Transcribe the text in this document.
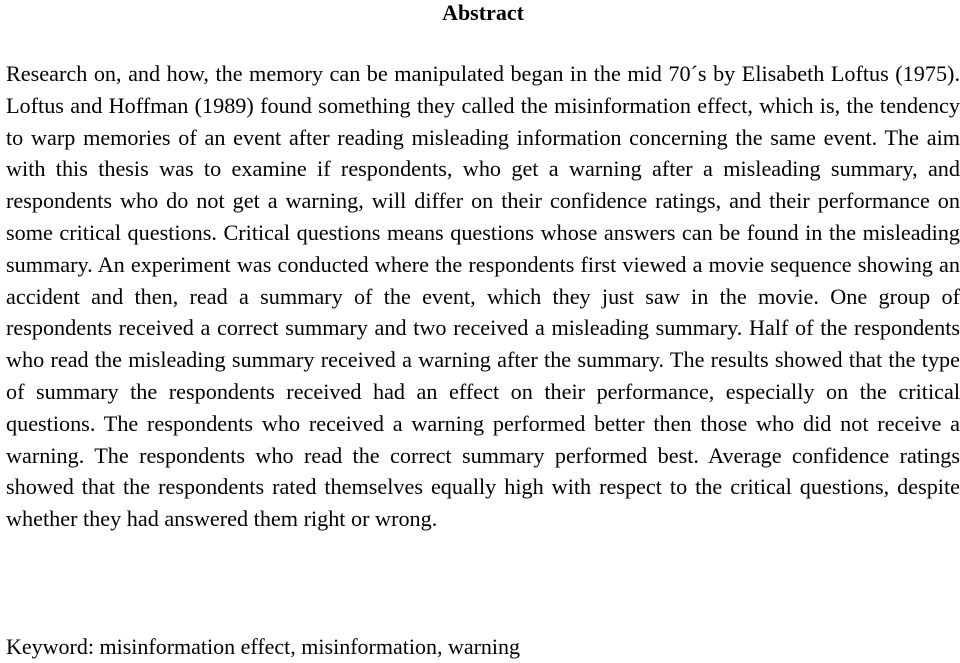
Abstract

Research on, and how, the memory can be manipulated began in the mid 70´s by Elisabeth Loftus (1975). Loftus and Hoffman (1989) found something they called the misinformation effect, which is, the tendency to warp memories of an event after reading misleading information concerning the same event. The aim with this thesis was to examine if respondents, who get a warning after a misleading summary, and respondents who do not get a warning, will differ on their confidence ratings, and their performance on some critical questions. Critical questions means questions whose answers can be found in the misleading summary. An experiment was conducted where the respondents first viewed a movie sequence showing an accident and then, read a summary of the event, which they just saw in the movie. One group of respondents received a correct summary and two received a misleading summary. Half of the respondents who read the misleading summary received a warning after the summary. The results showed that the type of summary the respondents received had an effect on their performance, especially on the critical questions. The respondents who received a warning performed better then those who did not receive a warning. The respondents who read the correct summary performed best. Average confidence ratings showed that the respondents rated themselves equally high with respect to the critical questions, despite whether they had answered them right or wrong.

Keyword: misinformation effect, misinformation, warning
